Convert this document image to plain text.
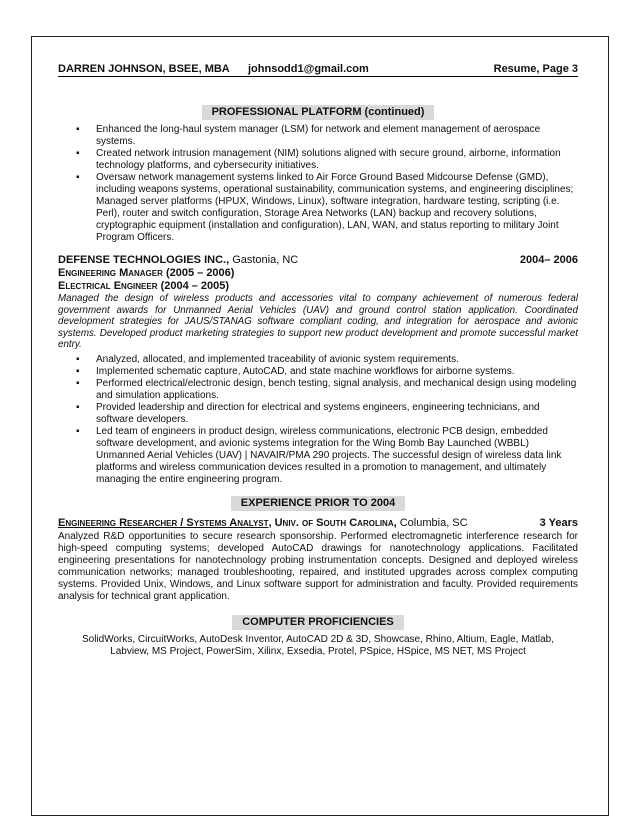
DARREN JOHNSON, BSEE, MBA	johnsodd1@gmail.com	Resume, Page 3
PROFESSIONAL PLATFORM (continued)
▪ Enhanced the long-haul system manager (LSM) for network and element management of aerospace systems.
▪ Created network intrusion management (NIM) solutions aligned with secure ground, airborne, information technology platforms, and cybersecurity initiatives.
▪ Oversaw network management systems linked to Air Force Ground Based Midcourse Defense (GMD), including weapons systems, operational sustainability, communication systems, and engineering disciplines; Managed server platforms (HPUX, Windows, Linux), software integration, hardware testing, scripting (i.e. Perl), router and switch configuration, Storage Area Networks (LAN) backup and recovery solutions, cryptographic equipment (installation and configuration), LAN, WAN, and status reporting to military Joint Program Officers.
DEFENSE TECHNOLOGIES INC., Gastonia, NC	2004– 2006
Engineering Manager (2005 – 2006)
Electrical Engineer (2004 – 2005)
Managed the design of wireless products and accessories vital to company achievement of numerous federal government awards for Unmanned Aerial Vehicles (UAV) and ground control station application. Coordinated development strategies for JAUS/STANAG software compliant coding, and integration for aerospace and avionic systems. Developed product marketing strategies to support new product development and promote successful market entry.
▪ Analyzed, allocated, and implemented traceability of avionic system requirements.
▪ Implemented schematic capture, AutoCAD, and state machine workflows for airborne systems.
▪ Performed electrical/electronic design, bench testing, signal analysis, and mechanical design using modeling and simulation applications.
▪ Provided leadership and direction for electrical and systems engineers, engineering technicians, and software developers.
▪ Led team of engineers in product design, wireless communications, electronic PCB design, embedded software development, and avionic systems integration for the Wing Bomb Bay Launched (WBBL) Unmanned Aerial Vehicles (UAV) | NAVAIR/PMA 290 projects. The successful design of wireless data link platforms and wireless communication devices resulted in a promotion to management, and ultimately managing the entire engineering program.
EXPERIENCE PRIOR TO 2004
Engineering Researcher / Systems Analyst, Univ. of South Carolina, Columbia, SC	3 Years
Analyzed R&D opportunities to secure research sponsorship. Performed electromagnetic interference research for high-speed computing systems; developed AutoCAD drawings for nanotechnology applications. Facilitated engineering presentations for nanotechnology probing instrumentation concepts. Designed and deployed wireless communication networks; managed troubleshooting, repaired, and instituted upgrades across complex computing systems. Provided Unix, Windows, and Linux software support for administration and faculty. Provided requirements analysis for technical grant application.
COMPUTER PROFICIENCIES
SolidWorks, CircuitWorks, AutoDesk Inventor, AutoCAD 2D & 3D, Showcase, Rhino, Altium, Eagle, Matlab,
Labview, MS Project, PowerSim, Xilinx, Exsedia, Protel, PSpice, HSpice, MS NET, MS Project
